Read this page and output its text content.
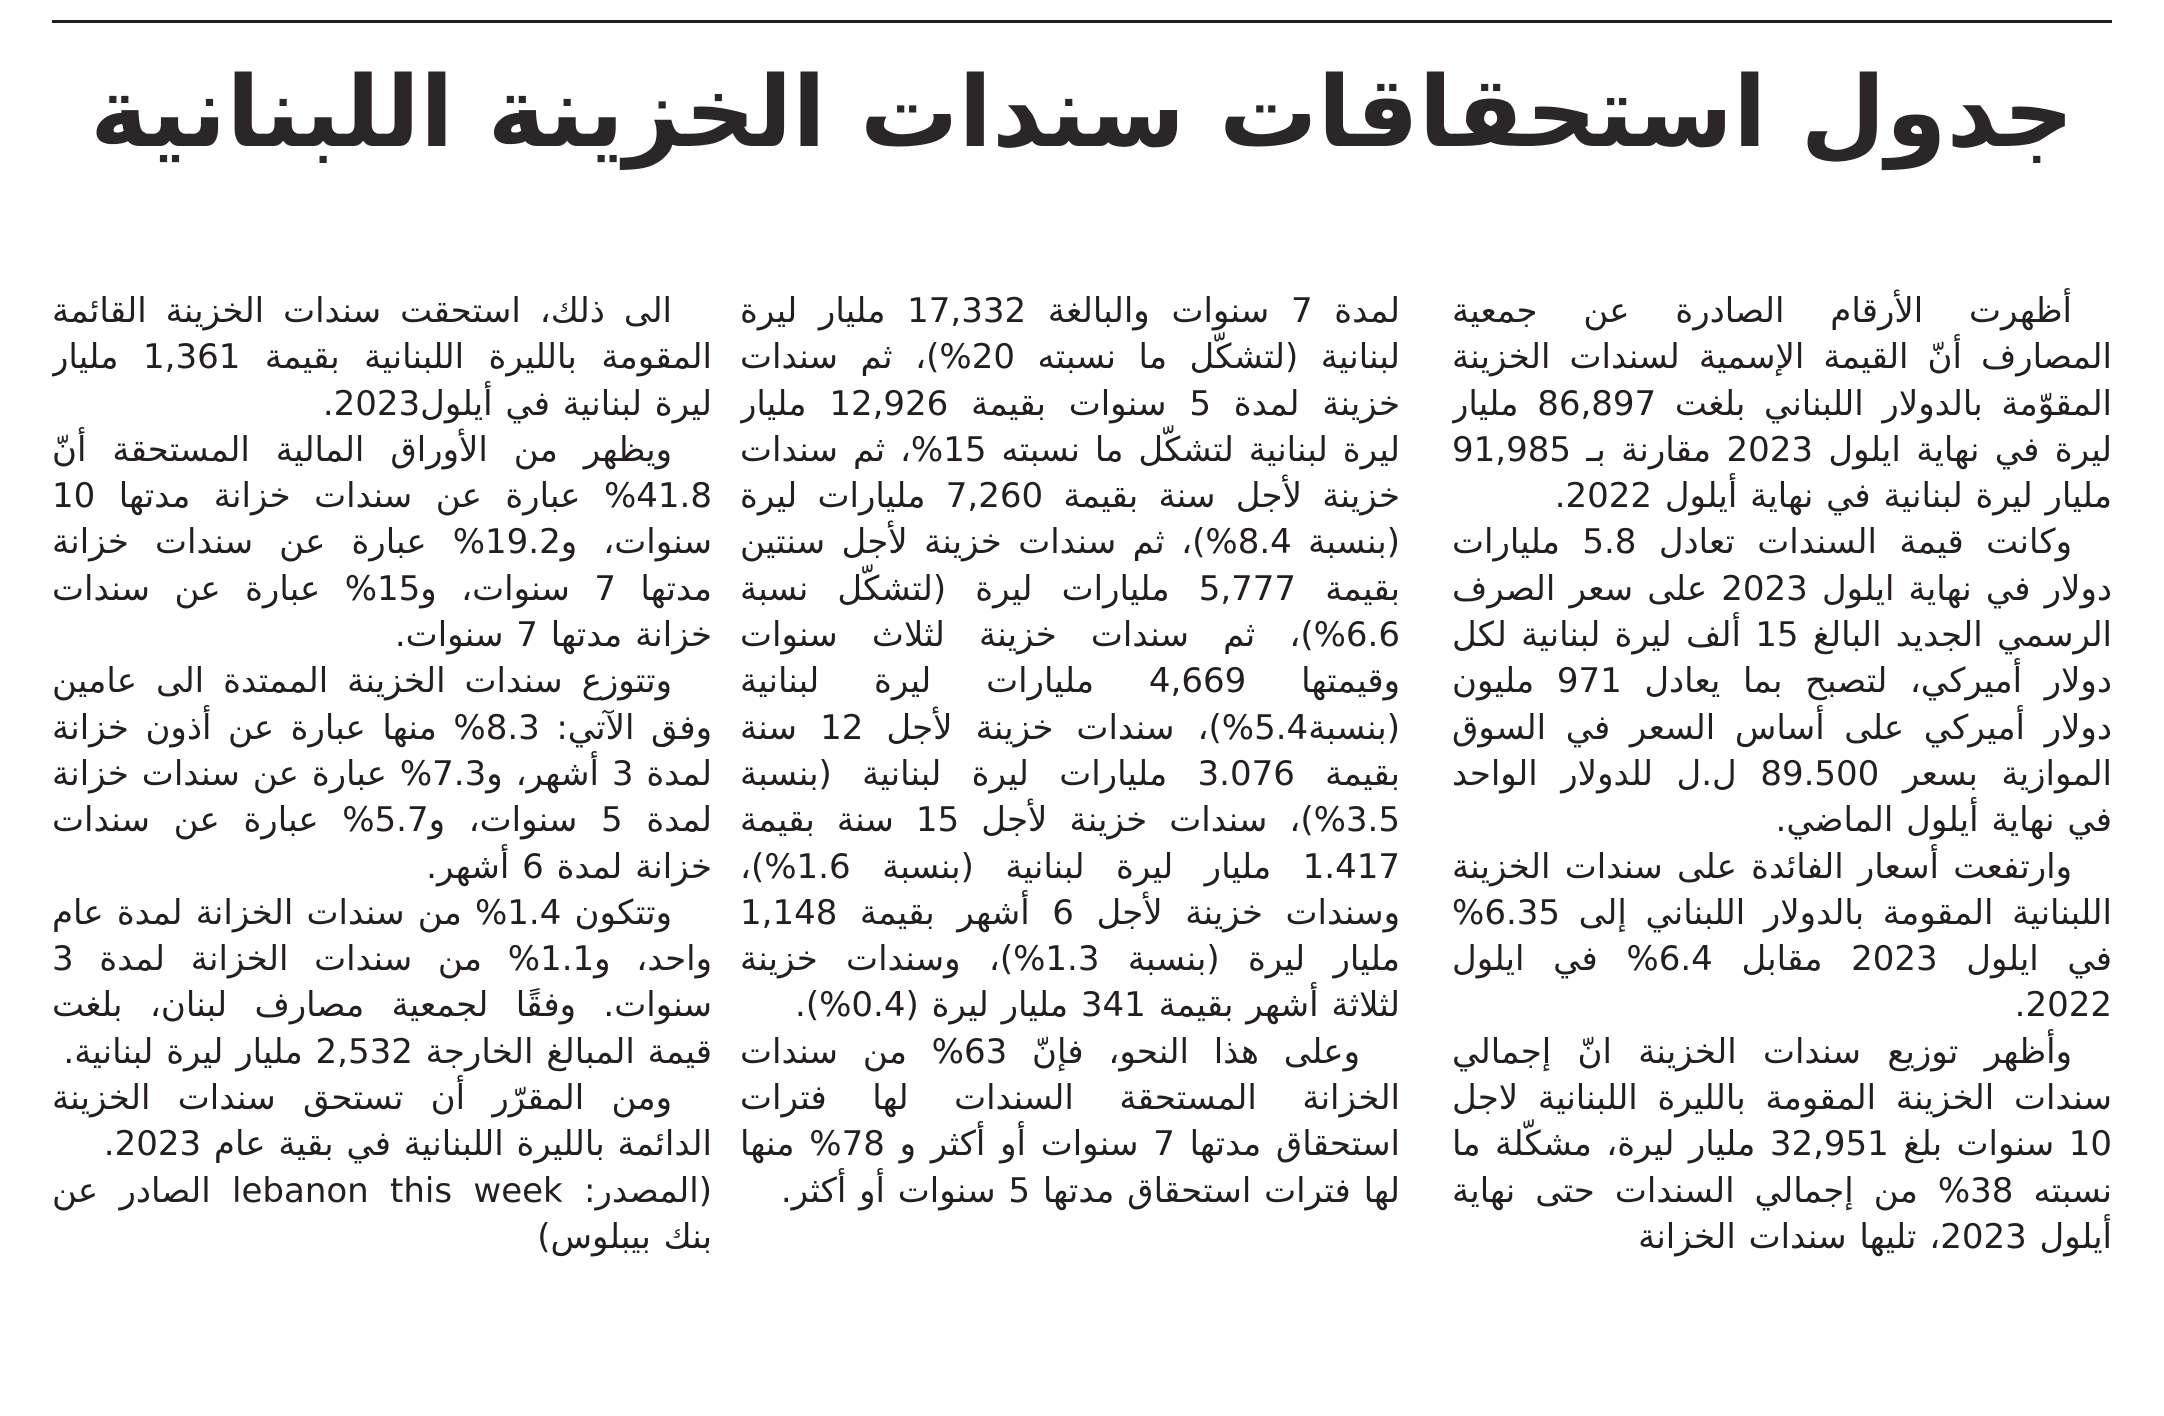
جدول استحقاقات سندات الخزينة اللبنانية

أظهرت الأرقام الصادرة عن جمعية المصارف أنّ القيمة الإسمية لسندات الخزينة المقوّمة بالدولار اللبناني بلغت 86,897 مليار ليرة في نهاية ايلول 2023 مقارنة بـ 91,985 مليار ليرة لبنانية في نهاية أيلول 2022.

وكانت قيمة السندات تعادل 5.8 مليارات دولار في نهاية ايلول 2023 على سعر الصرف الرسمي الجديد البالغ 15 ألف ليرة لبنانية لكل دولار أميركي، لتصبح بما يعادل 971 مليون دولار أميركي على أساس السعر في السوق الموازية بسعر 89.500 ل.ل للدولار الواحد في نهاية أيلول الماضي.

وارتفعت أسعار الفائدة على سندات الخزينة اللبنانية المقومة بالدولار اللبناني إلى 6.35% في ايلول 2023 مقابل 6.4% في ايلول 2022.

وأظهر توزيع سندات الخزينة انّ إجمالي سندات الخزينة المقومة بالليرة اللبنانية لاجل 10 سنوات بلغ 32,951 مليار ليرة، مشكّلة ما نسبته 38% من إجمالي السندات حتى نهاية أيلول 2023، تليها سندات الخزانة

لمدة 7 سنوات والبالغة 17,332 مليار ليرة لبنانية (لتشكّل ما نسبته 20%)، ثم سندات خزينة لمدة 5 سنوات بقيمة 12,926 مليار ليرة لبنانية لتشكّل ما نسبته 15%، ثم سندات خزينة لأجل سنة بقيمة 7,260 مليارات ليرة (بنسبة 8.4%)، ثم سندات خزينة لأجل سنتين بقيمة 5,777 مليارات ليرة (لتشكّل نسبة 6.6%)، ثم سندات خزينة لثلاث سنوات وقيمتها 4,669 مليارات ليرة لبنانية (بنسبة5.4%)، سندات خزينة لأجل 12 سنة بقيمة 3.076 مليارات ليرة لبنانية (بنسبة 3.5%)، سندات خزينة لأجل 15 سنة بقيمة 1.417 مليار ليرة لبنانية (بنسبة 1.6%)، وسندات خزينة لأجل 6 أشهر بقيمة 1,148 مليار ليرة (بنسبة 1.3%)، وسندات خزينة لثلاثة أشهر بقيمة 341 مليار ليرة (0.4%).

وعلى هذا النحو، فإنّ 63% من سندات الخزانة المستحقة السندات لها فترات استحقاق مدتها 7 سنوات أو أكثر و 78% منها لها فترات استحقاق مدتها 5 سنوات أو أكثر.

الى ذلك، استحقت سندات الخزينة القائمة المقومة بالليرة اللبنانية بقيمة 1,361 مليار ليرة لبنانية في أيلول2023.

ويظهر من الأوراق المالية المستحقة أنّ 41.8% عبارة عن سندات خزانة مدتها 10 سنوات، و19.2% عبارة عن سندات خزانة مدتها 7 سنوات، و15% عبارة عن سندات خزانة مدتها 7 سنوات.

وتتوزع سندات الخزينة الممتدة الى عامين وفق الآتي: 8.3% منها عبارة عن أذون خزانة لمدة 3 أشهر، و7.3% عبارة عن سندات خزانة لمدة 5 سنوات، و5.7% عبارة عن سندات خزانة لمدة 6 أشهر.

وتتكون 1.4% من سندات الخزانة لمدة عام واحد، و1.1% من سندات الخزانة لمدة 3 سنوات. وفقًا لجمعية مصارف لبنان، بلغت قيمة المبالغ الخارجة 2,532 مليار ليرة لبنانية.

ومن المقرّر أن تستحق سندات الخزينة الدائمة بالليرة اللبنانية في بقية عام 2023.

(المصدر: lebanon this week الصادر عن بنك بيبلوس)
